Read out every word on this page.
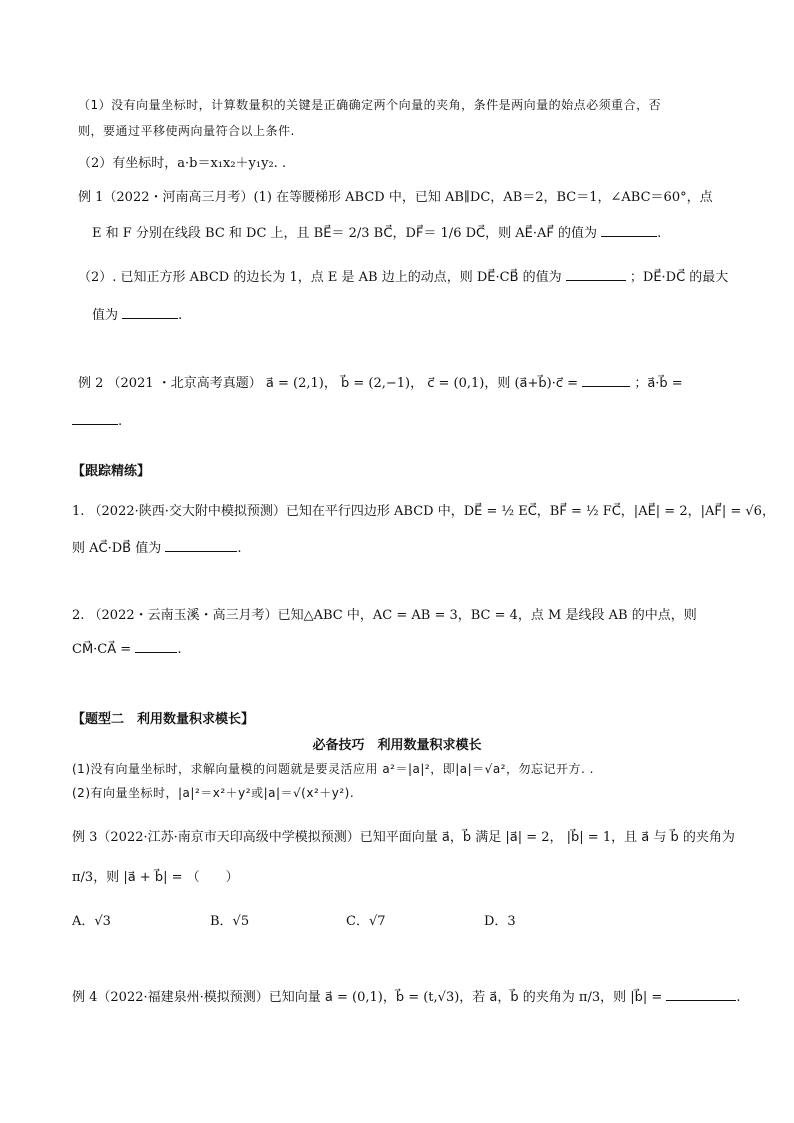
（1）没有向量坐标时，计算数量积的关键是正确确定两个向量的夹角，条件是两向量的始点必须重合，否
则，要通过平移使两向量符合以上条件.
（2）有坐标时，a·b＝x₁x₂＋y₁y₂. .
例 1（2022・河南高三月考）(1) 在等腰梯形 ABCD 中，已知 AB∥DC，AB＝2，BC＝1，∠ABC＝60°，点
E 和 F 分别在线段 BC 和 DC 上，且 BE⃗＝ 2/3 BC⃗，DF⃗＝ 1/6 DC⃗，则 AE⃗·AF⃗ 的值为	.
（2）. 已知正方形 ABCD 的边长为 1，点 E 是 AB 边上的动点，则 DE⃗·CB⃗ 的值为	；DE⃗·DC⃗ 的最大
值为	.
例 2 （2021 ・北京高考真题） a⃗ = (2,1)， b⃗ = (2,−1)， c⃗ = (0,1)，则 (a⃗+b⃗)·c⃗ =	；a⃗·b⃗ =
.
【跟踪精练】
1. （2022·陕西·交大附中模拟预测）已知在平行四边形 ABCD 中，DE⃗ = ½ EC⃗，BF⃗ = ½ FC⃗，|AE⃗| = 2，|AF⃗| = √6，
则 AC⃗·DB⃗ 值为	.
2. （2022・云南玉溪・高三月考）已知△ABC 中，AC = AB = 3，BC = 4，点 M 是线段 AB 的中点，则
CM⃗·CA⃗ =	.
【题型二　利用数量积求模长】
必备技巧　利用数量积求模长
(1)没有向量坐标时，求解向量模的问题就是要灵活应用 a²＝|a|²，即|a|＝√a²，勿忘记开方. .
(2)有向量坐标时，|a|²＝x²＋y²或|a|＝√(x²＋y²).
例 3（2022·江苏·南京市天印高级中学模拟预测）已知平面向量 a⃗，b⃗ 满足 |a⃗| = 2， |b⃗| = 1，且 a⃗ 与 b⃗ 的夹角为
π/3，则 |a⃗ + b⃗| = （　　）
A．√3	B．√5	C．√7	D．3
例 4（2022·福建泉州·模拟预测）已知向量 a⃗ = (0,1)，b⃗ = (t,√3)，若 a⃗，b⃗ 的夹角为 π/3，则 |b⃗| =	.
